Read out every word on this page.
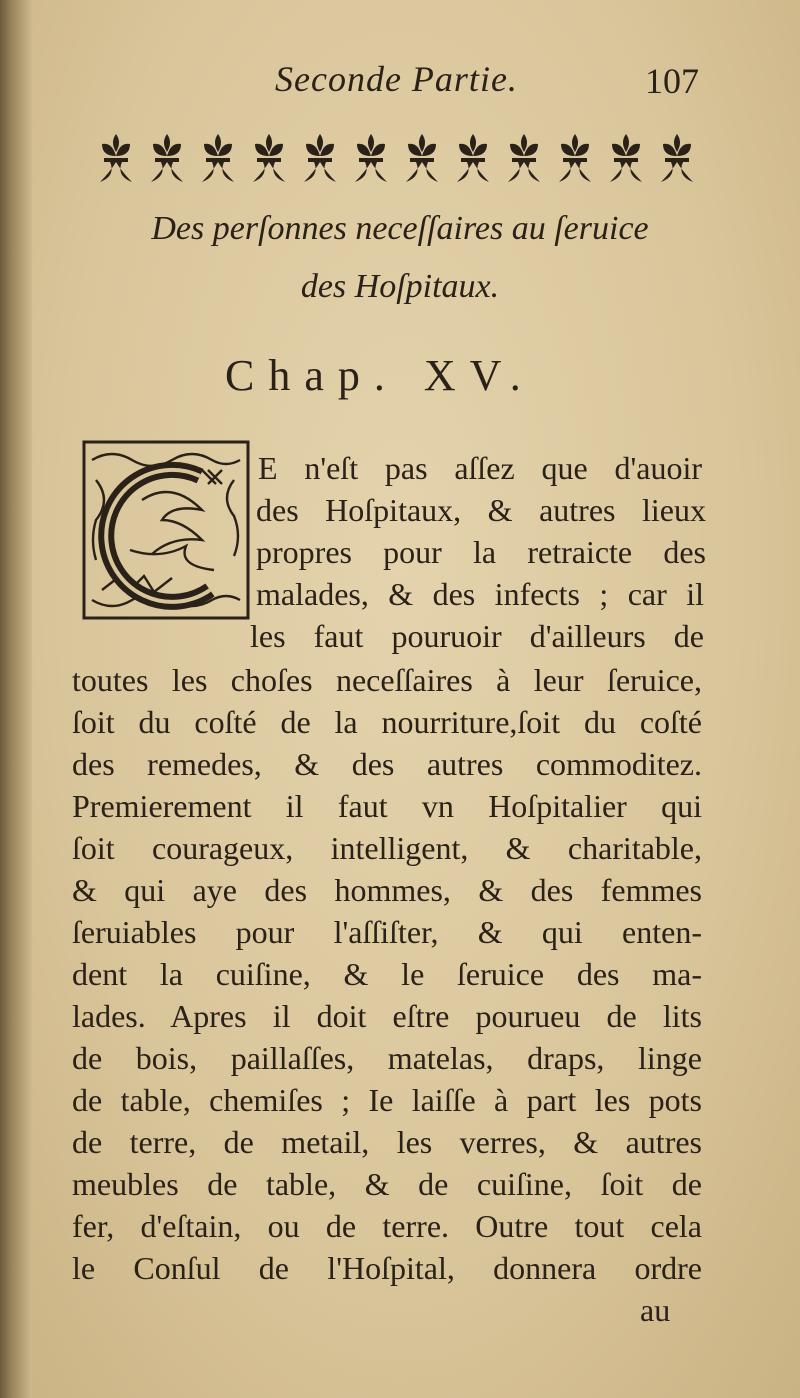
Seconde Partie.	107
Des perſonnes neceſſaires au ſeruice
des Hoſpitaux.
Chap. XV.
E n'eſt pas aſſez que d'auoir
des Hoſpitaux, & autres lieux
propres pour la retraicte des
malades, & des infects ; car il
les faut pouruoir d'ailleurs de
toutes les choſes neceſſaires à leur ſeruice,
ſoit du coſté de la nourriture,ſoit du coſté
des remedes, & des autres commoditez.
Premierement il faut vn Hoſpitalier qui
ſoit courageux, intelligent, & charitable,
& qui aye des hommes, & des femmes
ſeruiables pour l'aſſiſter, & qui enten-
dent la cuiſine, & le ſeruice des ma-
lades. Apres il doit eſtre pourueu de lits
de bois, paillaſſes, matelas, draps, linge
de table, chemiſes ; Ie laiſſe à part les pots
de terre, de metail, les verres, & autres
meubles de table, & de cuiſine, ſoit de
fer, d'eſtain, ou de terre. Outre tout cela
le Conſul de l'Hoſpital, donnera ordre
au
